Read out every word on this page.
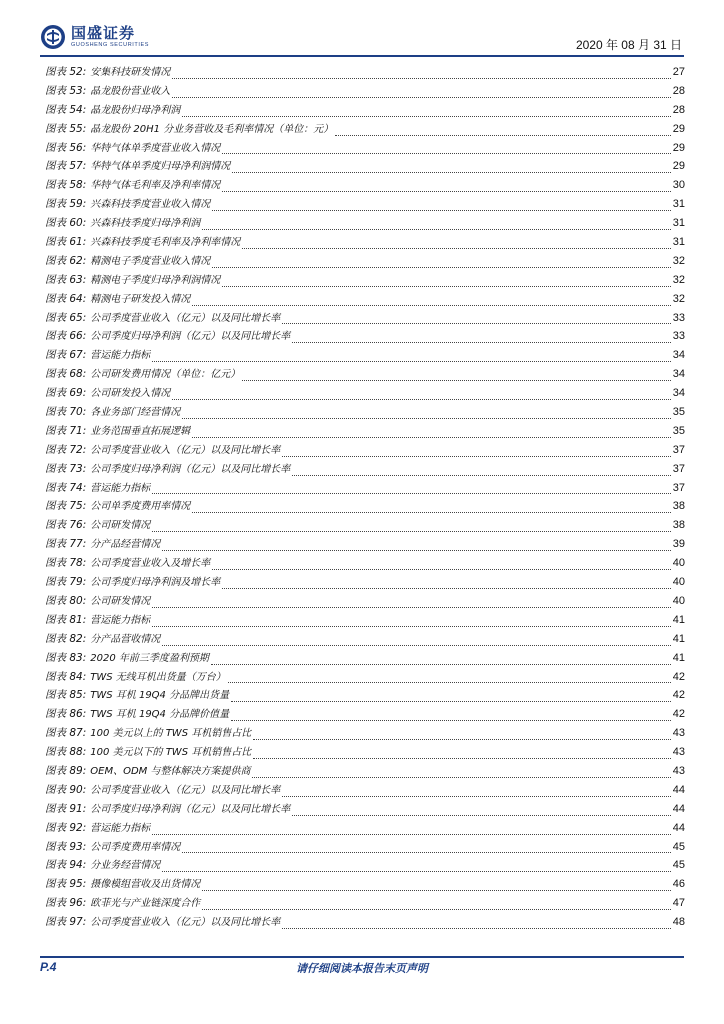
国盛证券
GUOSHENG SECURITIES	2020 年 08 月 31 日
图表 52: 安集科技研发情况	27
图表 53: 晶龙股份营业收入	28
图表 54: 晶龙股份归母净利润	28
图表 55: 晶龙股份 20H1 分业务营收及毛利率情况（单位：元）	29
图表 56: 华特气体单季度营业收入情况	29
图表 57: 华特气体单季度归母净利润情况	29
图表 58: 华特气体毛利率及净利率情况	30
图表 59: 兴森科技季度营业收入情况	31
图表 60: 兴森科技季度归母净利润	31
图表 61: 兴森科技季度毛利率及净利率情况	31
图表 62: 精测电子季度营业收入情况	32
图表 63: 精测电子季度归母净利润情况	32
图表 64: 精测电子研发投入情况	32
图表 65: 公司季度营业收入（亿元）以及同比增长率	33
图表 66: 公司季度归母净利润（亿元）以及同比增长率	33
图表 67: 营运能力指标	34
图表 68: 公司研发费用情况（单位：亿元）	34
图表 69: 公司研发投入情况	34
图表 70: 各业务部门经营情况	35
图表 71: 业务范围垂直拓展逻辑	35
图表 72: 公司季度营业收入（亿元）以及同比增长率	37
图表 73: 公司季度归母净利润（亿元）以及同比增长率	37
图表 74: 营运能力指标	37
图表 75: 公司单季度费用率情况	38
图表 76: 公司研发情况	38
图表 77: 分产品经营情况	39
图表 78: 公司季度营业收入及增长率	40
图表 79: 公司季度归母净利润及增长率	40
图表 80: 公司研发情况	40
图表 81: 营运能力指标	41
图表 82: 分产品营收情况	41
图表 83: 2020 年前三季度盈利预期	41
图表 84: TWS 无线耳机出货量（万台）	42
图表 85: TWS 耳机 19Q4 分品牌出货量	42
图表 86: TWS 耳机 19Q4 分品牌价值量	42
图表 87: 100 美元以上的 TWS 耳机销售占比	43
图表 88: 100 美元以下的 TWS 耳机销售占比	43
图表 89: OEM、ODM 与整体解决方案提供商	43
图表 90: 公司季度营业收入（亿元）以及同比增长率	44
图表 91: 公司季度归母净利润（亿元）以及同比增长率	44
图表 92: 营运能力指标	44
图表 93: 公司季度费用率情况	45
图表 94: 分业务经营情况	45
图表 95: 摄像模组营收及出货情况	46
图表 96: 欧菲光与产业链深度合作	47
图表 97: 公司季度营业收入（亿元）以及同比增长率	48
P.4	请仔细阅读本报告末页声明
